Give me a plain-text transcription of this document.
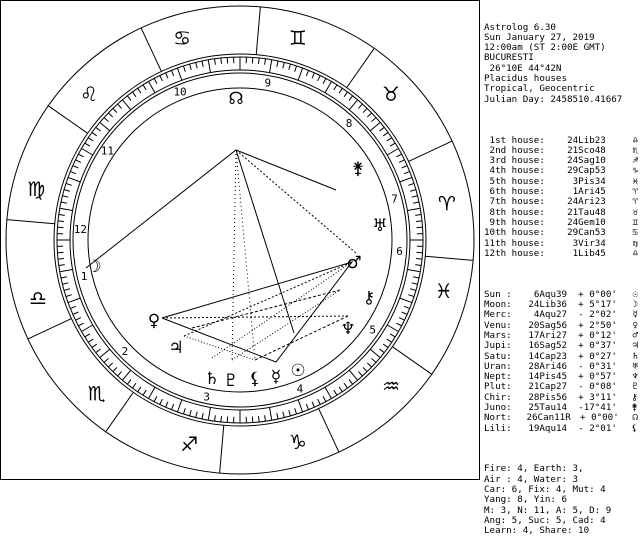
♈
♉
♊
♋
♌
♍
♎
♏
♐	♑
♒
♓
1
2
3
4
5
6
7
8
9
10
11
12
☽
☊
⚵
♅
♂
⚷
♆
♀
♃
♄ ♇ ⚸ ☿ ☉

Astrolog 6.30
Sun January 27, 2019
12:00am (ST 2:00E GMT)
BUCURESTI
26°10E 44°42N
Placidus houses
Tropical, Geocentric
Julian Day: 2458510.41667

1st house: 24Lib23	♎
2nd house: 21Sco48	♏
3rd house: 24Sag10	♐
4th house: 29Cap53	♑
5th house: 3Pis34	♓
6th house: 1Ari45	♈
7th house: 24Ari23	♈
8th house: 21Tau48	♉
9th house: 24Gem10	♊
10th house: 29Can53	♋
11th house: 3Vir34	♍
12th house: 1Lib45	♎

Sun : 6Aqu39 + 0°00'	☉
Moon: 24Lib36 + 5°17'	☽
Merc: 4Aqu27 - 2°02'	☿
Venu: 20Sag56 + 2°50'	♀
Mars: 17Ari27 + 0°12'	♂
Jupi: 16Sag52 + 0°37'	♃
Satu: 14Cap23 + 0°27'	♄
Uran: 28Ari46 - 0°31'	♅
Nept: 14Pis45 + 0°57'	♆
Plut: 21Cap27 - 0°08'	♇
Chir: 28Pis56 + 3°11'	⚷
Juno: 25Tau14 -17°41'	⚵
Nort: 26Can11R + 0°00'	☊
Lili: 19Aqu14 - 2°01'	⚸

Fire: 4, Earth: 3,
Air : 4, Water: 3
Car: 6, Fix: 4, Mut: 4
Yang: 8, Yin: 6
M: 3, N: 11, A: 5, D: 9
Ang: 5, Suc: 5, Cad: 4
Learn: 4, Share: 10
